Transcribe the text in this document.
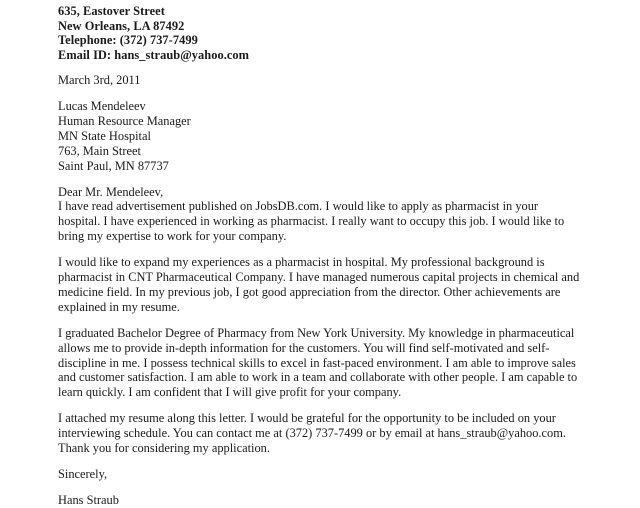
635, Eastover Street
New Orleans, LA 87492
Telephone: (372) 737-7499
Email ID: hans_straub@yahoo.com
March 3rd, 2011
Lucas Mendeleev
Human Resource Manager
MN State Hospital
763, Main Street
Saint Paul, MN 87737
Dear Mr. Mendeleev,

I have read advertisement published on JobsDB.com. I would like to apply as pharmacist in your hospital. I have experienced in working as pharmacist. I really want to occupy this job. I would like to bring my expertise to work for your company.

I would like to expand my experiences as a pharmacist in hospital. My professional background is pharmacist in CNT Pharmaceutical Company. I have managed numerous capital projects in chemical and medicine field. In my previous job, I got good appreciation from the director. Other achievements are explained in my resume.

I graduated Bachelor Degree of Pharmacy from New York University. My knowledge in pharmaceutical allows me to provide in-depth information for the customers. You will find self-motivated and self-discipline in me. I possess technical skills to excel in fast-paced environment. I am able to improve sales and customer satisfaction. I am able to work in a team and collaborate with other people. I am capable to learn quickly. I am confident that I will give profit for your company.

I attached my resume along this letter. I would be grateful for the opportunity to be included on your interviewing schedule. You can contact me at (372) 737-7499 or by email at hans_straub@yahoo.com. Thank you for considering my application.

Sincerely,
Hans Straub
